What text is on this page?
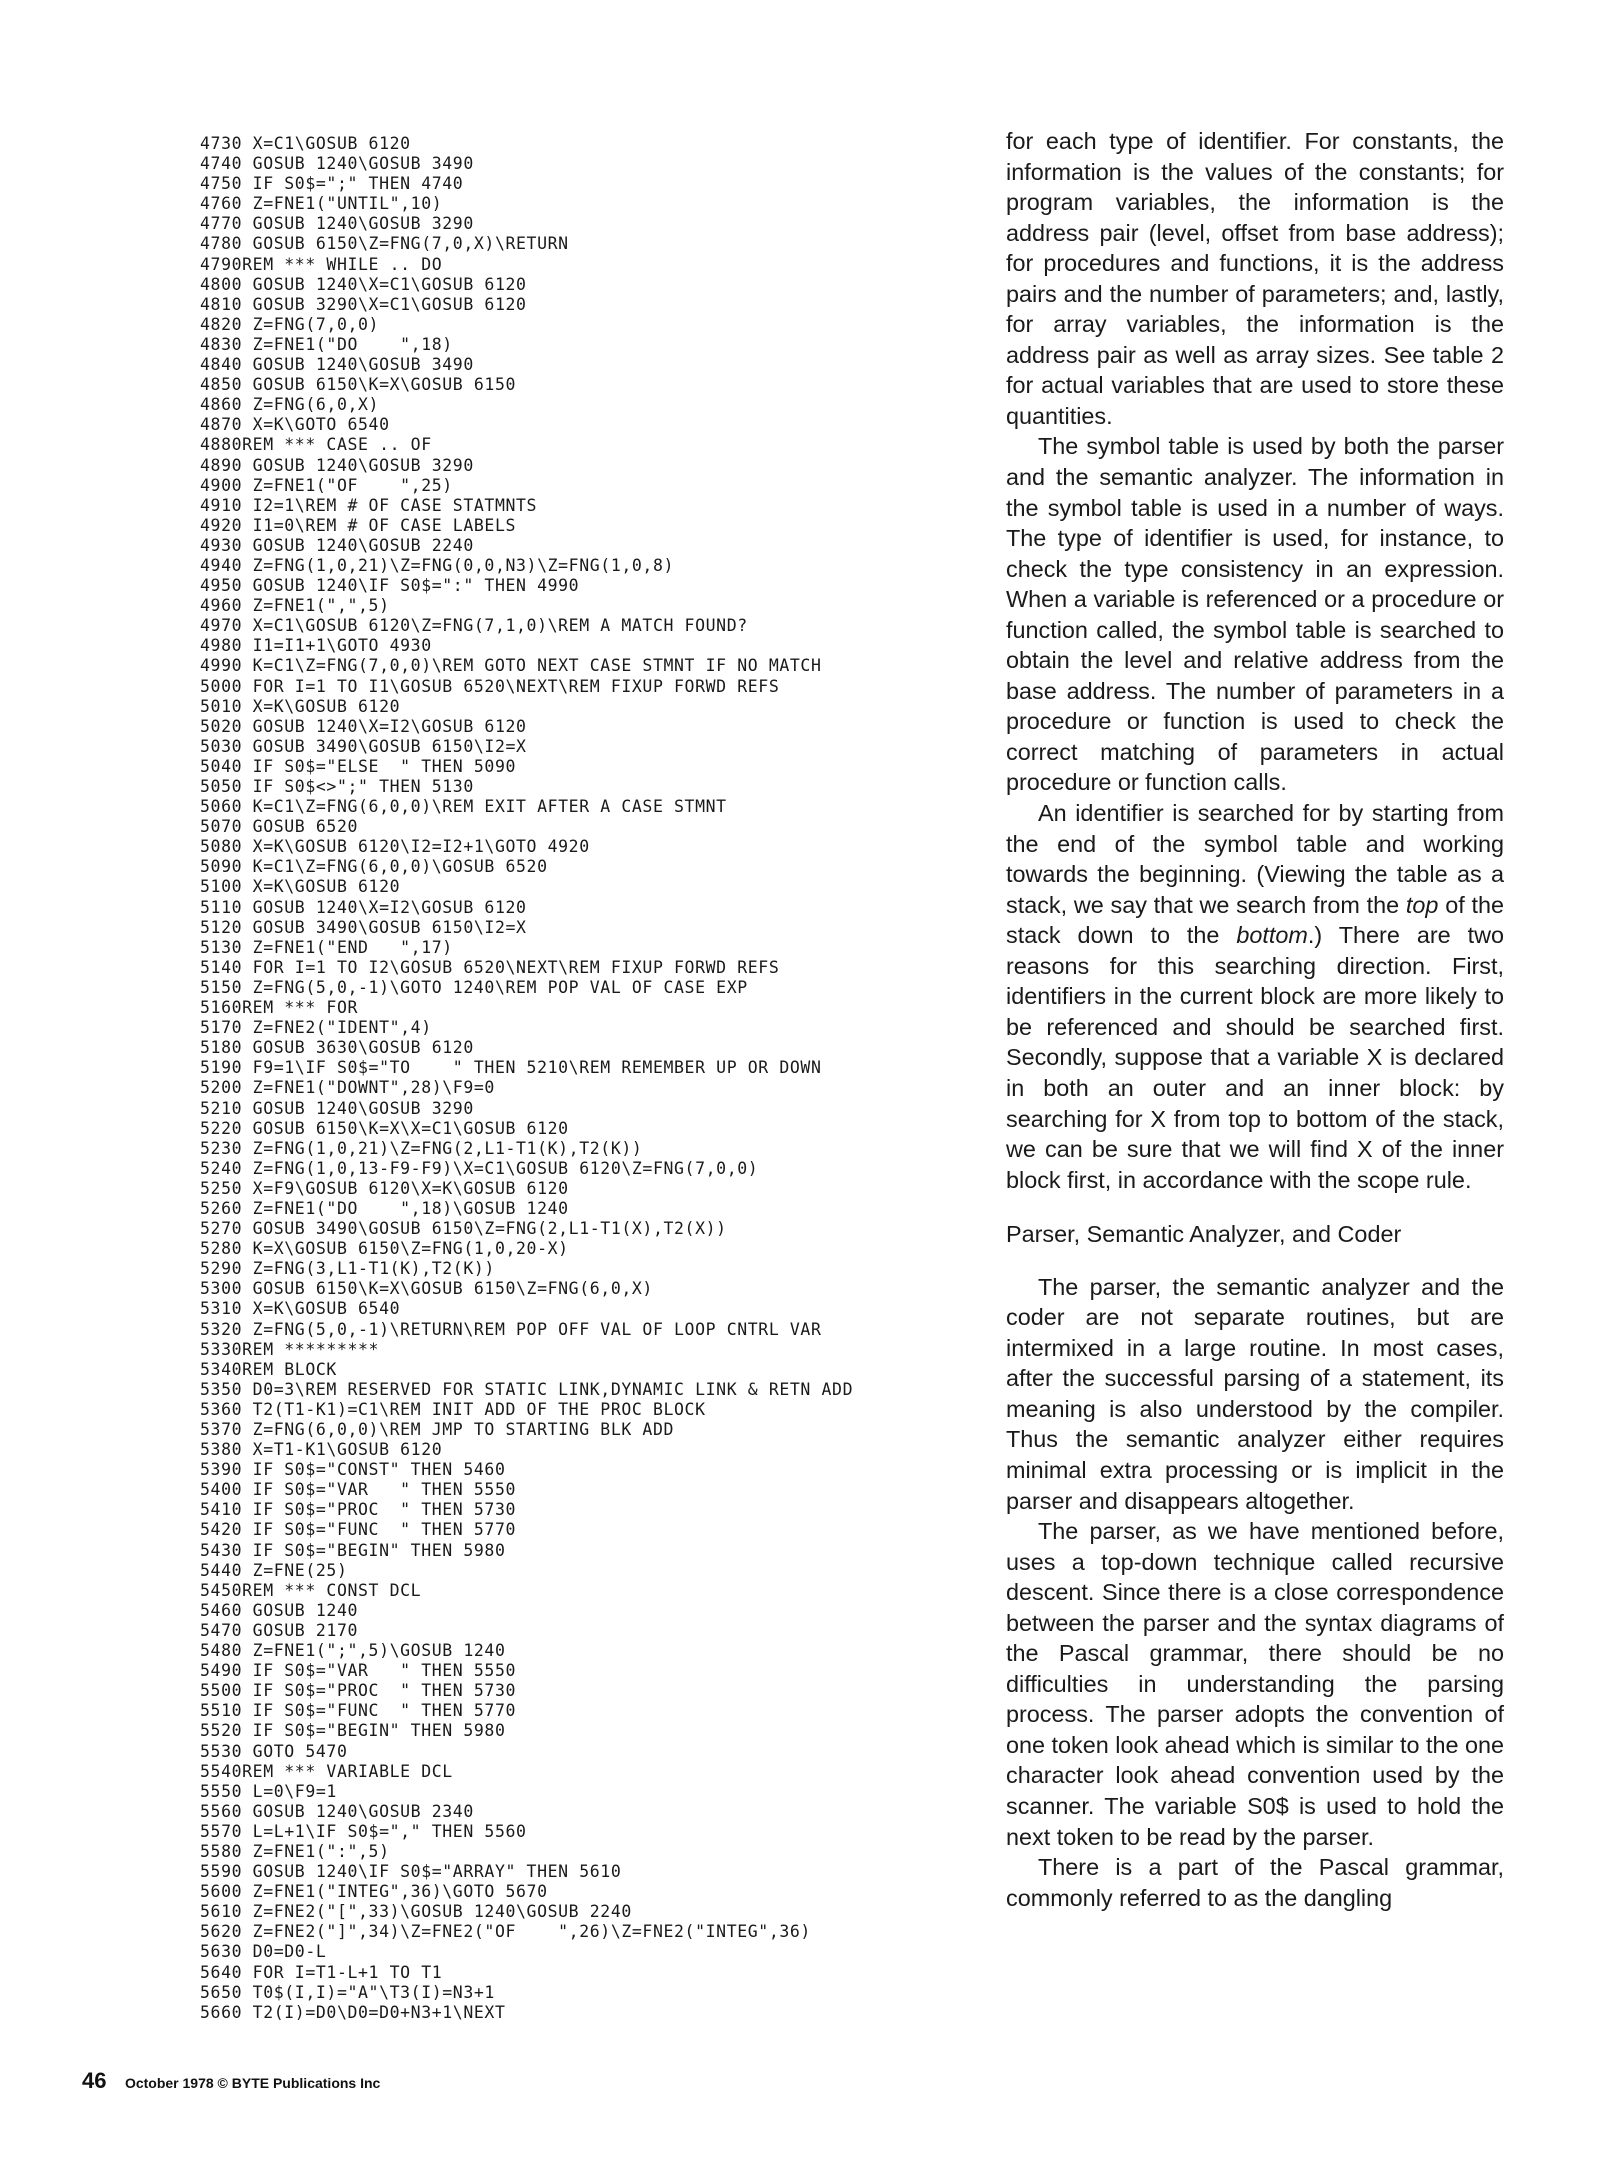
4730 X=C1\GOSUB 6120
4740 GOSUB 1240\GOSUB 3490
4750 IF S0$=";" THEN 4740
4760 Z=FNE1("UNTIL",10)
4770 GOSUB 1240\GOSUB 3290
4780 GOSUB 6150\Z=FNG(7,0,X)\RETURN
4790REM *** WHILE .. DO
4800 GOSUB 1240\X=C1\GOSUB 6120
4810 GOSUB 3290\X=C1\GOSUB 6120
4820 Z=FNG(7,0,0)
4830 Z=FNE1("DO    ",18)
4840 GOSUB 1240\GOSUB 3490
4850 GOSUB 6150\K=X\GOSUB 6150
4860 Z=FNG(6,0,X)
4870 X=K\GOTO 6540
4880REM *** CASE .. OF
4890 GOSUB 1240\GOSUB 3290
4900 Z=FNE1("OF    ",25)
4910 I2=1\REM # OF CASE STATMNTS
4920 I1=0\REM # OF CASE LABELS
4930 GOSUB 1240\GOSUB 2240
4940 Z=FNG(1,0,21)\Z=FNG(0,0,N3)\Z=FNG(1,0,8)
4950 GOSUB 1240\IF S0$=":" THEN 4990
4960 Z=FNE1(",",5)
4970 X=C1\GOSUB 6120\Z=FNG(7,1,0)\REM A MATCH FOUND?
4980 I1=I1+1\GOTO 4930
4990 K=C1\Z=FNG(7,0,0)\REM GOTO NEXT CASE STMNT IF NO MATCH
5000 FOR I=1 TO I1\GOSUB 6520\NEXT\REM FIXUP FORWD REFS
5010 X=K\GOSUB 6120
5020 GOSUB 1240\X=I2\GOSUB 6120
5030 GOSUB 3490\GOSUB 6150\I2=X
5040 IF S0$="ELSE  " THEN 5090
5050 IF S0$<>";" THEN 5130
5060 K=C1\Z=FNG(6,0,0)\REM EXIT AFTER A CASE STMNT
5070 GOSUB 6520
5080 X=K\GOSUB 6120\I2=I2+1\GOTO 4920
5090 K=C1\Z=FNG(6,0,0)\GOSUB 6520
5100 X=K\GOSUB 6120
5110 GOSUB 1240\X=I2\GOSUB 6120
5120 GOSUB 3490\GOSUB 6150\I2=X
5130 Z=FNE1("END   ",17)
5140 FOR I=1 TO I2\GOSUB 6520\NEXT\REM FIXUP FORWD REFS
5150 Z=FNG(5,0,-1)\GOTO 1240\REM POP VAL OF CASE EXP
5160REM *** FOR
5170 Z=FNE2("IDENT",4)
5180 GOSUB 3630\GOSUB 6120
5190 F9=1\IF S0$="TO    " THEN 5210\REM REMEMBER UP OR DOWN
5200 Z=FNE1("DOWNT",28)\F9=0
5210 GOSUB 1240\GOSUB 3290
5220 GOSUB 6150\K=X\X=C1\GOSUB 6120
5230 Z=FNG(1,0,21)\Z=FNG(2,L1-T1(K),T2(K))
5240 Z=FNG(1,0,13-F9-F9)\X=C1\GOSUB 6120\Z=FNG(7,0,0)
5250 X=F9\GOSUB 6120\X=K\GOSUB 6120
5260 Z=FNE1("DO    ",18)\GOSUB 1240
5270 GOSUB 3490\GOSUB 6150\Z=FNG(2,L1-T1(X),T2(X))
5280 K=X\GOSUB 6150\Z=FNG(1,0,20-X)
5290 Z=FNG(3,L1-T1(K),T2(K))
5300 GOSUB 6150\K=X\GOSUB 6150\Z=FNG(6,0,X)
5310 X=K\GOSUB 6540
5320 Z=FNG(5,0,-1)\RETURN\REM POP OFF VAL OF LOOP CNTRL VAR
5330REM *********
5340REM BLOCK
5350 D0=3\REM RESERVED FOR STATIC LINK,DYNAMIC LINK & RETN ADD
5360 T2(T1-K1)=C1\REM INIT ADD OF THE PROC BLOCK
5370 Z=FNG(6,0,0)\REM JMP TO STARTING BLK ADD
5380 X=T1-K1\GOSUB 6120
5390 IF S0$="CONST" THEN 5460
5400 IF S0$="VAR   " THEN 5550
5410 IF S0$="PROC  " THEN 5730
5420 IF S0$="FUNC  " THEN 5770
5430 IF S0$="BEGIN" THEN 5980
5440 Z=FNE(25)
5450REM *** CONST DCL
5460 GOSUB 1240
5470 GOSUB 2170
5480 Z=FNE1(";",5)\GOSUB 1240
5490 IF S0$="VAR   " THEN 5550
5500 IF S0$="PROC  " THEN 5730
5510 IF S0$="FUNC  " THEN 5770
5520 IF S0$="BEGIN" THEN 5980
5530 GOTO 5470
5540REM *** VARIABLE DCL
5550 L=0\F9=1
5560 GOSUB 1240\GOSUB 2340
5570 L=L+1\IF S0$="," THEN 5560
5580 Z=FNE1(":",5)
5590 GOSUB 1240\IF S0$="ARRAY" THEN 5610
5600 Z=FNE1("INTEG",36)\GOTO 5670
5610 Z=FNE2("[",33)\GOSUB 1240\GOSUB 2240
5620 Z=FNE2("]",34)\Z=FNE2("OF    ",26)\Z=FNE2("INTEG",36)
5630 D0=D0-L
5640 FOR I=T1-L+1 TO T1
5650 T0$(I,I)="A"\T3(I)=N3+1
5660 T2(I)=D0\D0=D0+N3+1\NEXT

for each type of identifier. For constants, the information is the values of the constants; for program variables, the information is the address pair (level, offset from base address); for procedures and functions, it is the address pairs and the number of parameters; and, lastly, for array variables, the information is the address pair as well as array sizes. See table 2 for actual variables that are used to store these quantities.

The symbol table is used by both the parser and the semantic analyzer. The information in the symbol table is used in a number of ways. The type of identifier is used, for instance, to check the type consistency in an expression. When a variable is referenced or a procedure or function called, the symbol table is searched to obtain the level and relative address from the base address. The number of parameters in a procedure or function is used to check the correct matching of parameters in actual procedure or function calls.

An identifier is searched for by starting from the end of the symbol table and working towards the beginning. (Viewing the table as a stack, we say that we search from the top of the stack down to the bottom.) There are two reasons for this searching direction. First, identifiers in the current block are more likely to be referenced and should be searched first. Secondly, suppose that a variable X is declared in both an outer and an inner block: by searching for X from top to bottom of the stack, we can be sure that we will find X of the inner block first, in accordance with the scope rule.

Parser, Semantic Analyzer, and Coder

The parser, the semantic analyzer and the coder are not separate routines, but are intermixed in a large routine. In most cases, after the successful parsing of a statement, its meaning is also understood by the compiler. Thus the semantic analyzer either requires minimal extra processing or is implicit in the parser and disappears altogether.

The parser, as we have mentioned before, uses a top-down technique called recursive descent. Since there is a close correspondence between the parser and the syntax diagrams of the Pascal grammar, there should be no difficulties in understanding the parsing process. The parser adopts the convention of one token look ahead which is similar to the one character look ahead convention used by the scanner. The variable S0$ is used to hold the next token to be read by the parser.

There is a part of the Pascal grammar, commonly referred to as the dangling

46 October 1978 © BYTE Publications Inc
